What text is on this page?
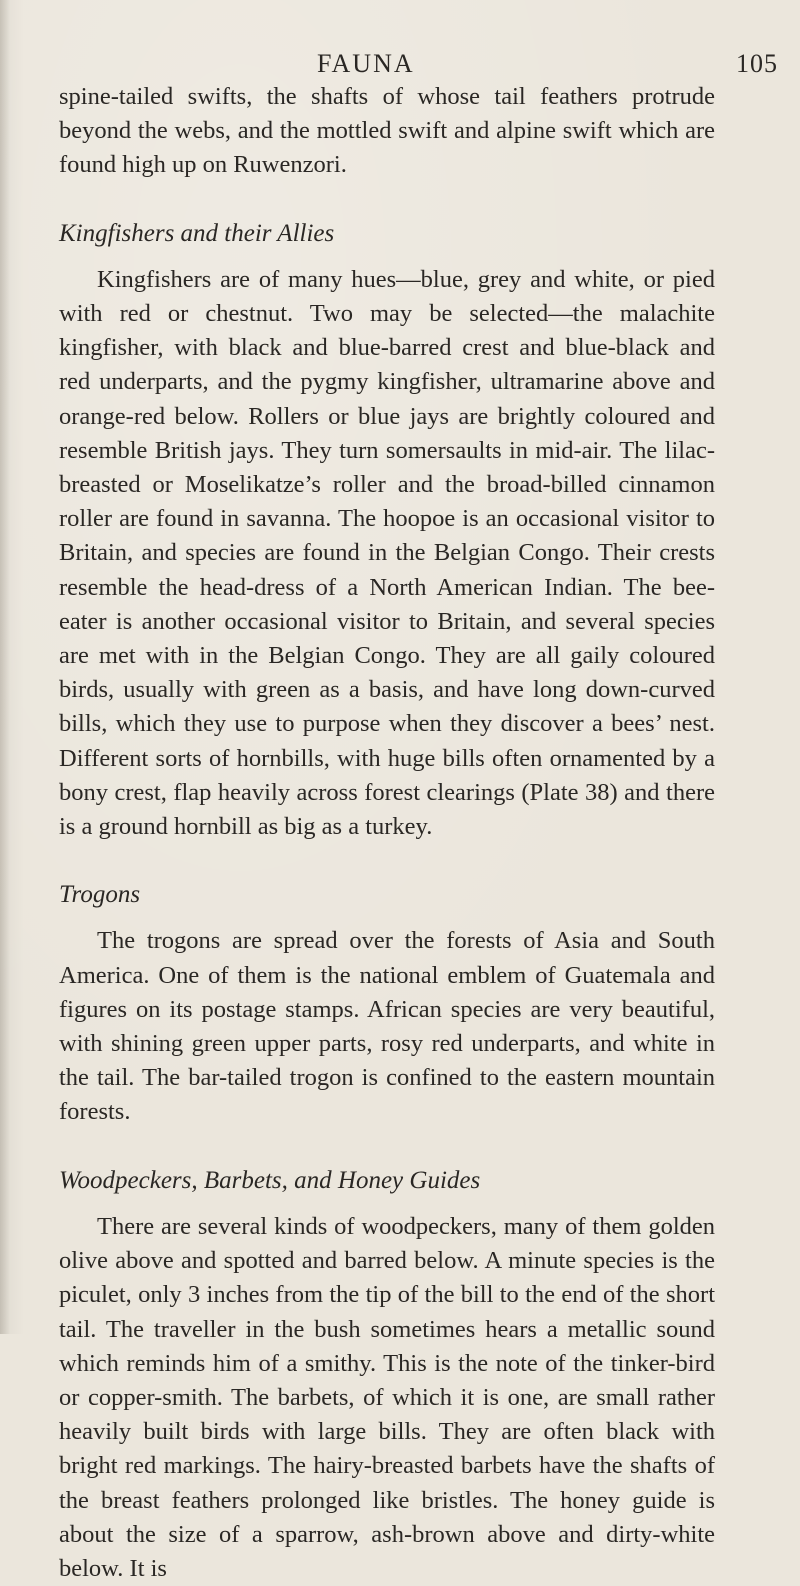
FAUNA	105

spine-tailed swifts, the shafts of whose tail feathers protrude beyond the webs, and the mottled swift and alpine swift which are found high up on Ruwenzori.

Kingfishers and their Allies

Kingfishers are of many hues—blue, grey and white, or pied with red or chestnut. Two may be selected—the malachite kingfisher, with black and blue-barred crest and blue-black and red underparts, and the pygmy kingfisher, ultramarine above and orange-red below. Rollers or blue jays are brightly coloured and resemble British jays. They turn somersaults in mid-air. The lilac-breasted or Moselikatze’s roller and the broad-billed cinnamon roller are found in savanna. The hoopoe is an occasional visitor to Britain, and species are found in the Belgian Congo. Their crests resemble the head-dress of a North American Indian. The bee-eater is another occasional visitor to Britain, and several species are met with in the Belgian Congo. They are all gaily coloured birds, usually with green as a basis, and have long down-curved bills, which they use to purpose when they discover a bees’ nest. Different sorts of hornbills, with huge bills often ornamented by a bony crest, flap heavily across forest clearings (Plate 38) and there is a ground hornbill as big as a turkey.

Trogons

The trogons are spread over the forests of Asia and South America. One of them is the national emblem of Guatemala and figures on its postage stamps. African species are very beautiful, with shining green upper parts, rosy red underparts, and white in the tail. The bar-tailed trogon is confined to the eastern mountain forests.

Woodpeckers, Barbets, and Honey Guides

There are several kinds of woodpeckers, many of them golden olive above and spotted and barred below. A minute species is the piculet, only 3 inches from the tip of the bill to the end of the short tail. The traveller in the bush sometimes hears a metallic sound which reminds him of a smithy. This is the note of the tinker-bird or copper-smith. The barbets, of which it is one, are small rather heavily built birds with large bills. They are often black with bright red markings. The hairy-breasted barbets have the shafts of the breast feathers prolonged like bristles. The honey guide is about the size of a sparrow, ash-brown above and dirty-white below. It is
